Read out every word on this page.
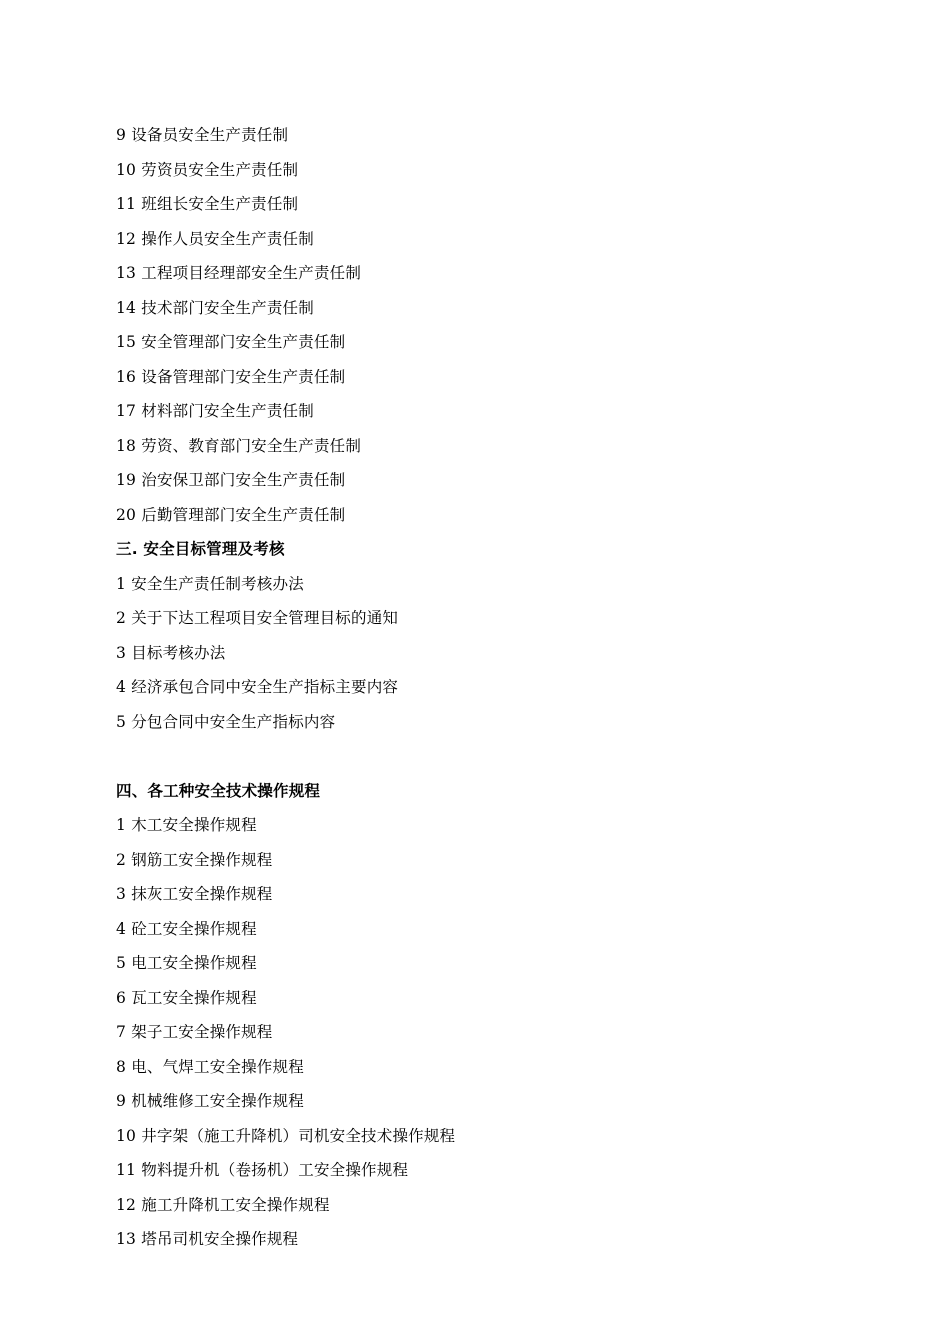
9 设备员安全生产责任制
10 劳资员安全生产责任制
11 班组长安全生产责任制
12 操作人员安全生产责任制
13 工程项目经理部安全生产责任制
14 技术部门安全生产责任制
15 安全管理部门安全生产责任制
16 设备管理部门安全生产责任制
17 材料部门安全生产责任制
18 劳资、教育部门安全生产责任制
19 治安保卫部门安全生产责任制
20 后勤管理部门安全生产责任制
三. 安全目标管理及考核
1 安全生产责任制考核办法
2 关于下达工程项目安全管理目标的通知
3 目标考核办法
4 经济承包合同中安全生产指标主要内容
5 分包合同中安全生产指标内容
四、各工种安全技术操作规程
1 木工安全操作规程
2 钢筋工安全操作规程
3 抹灰工安全操作规程
4 砼工安全操作规程
5 电工安全操作规程
6 瓦工安全操作规程
7 架子工安全操作规程
8 电、气焊工安全操作规程
9 机械维修工安全操作规程
10 井字架（施工升降机）司机安全技术操作规程
11 物料提升机（卷扬机）工安全操作规程
12 施工升降机工安全操作规程
13 塔吊司机安全操作规程
